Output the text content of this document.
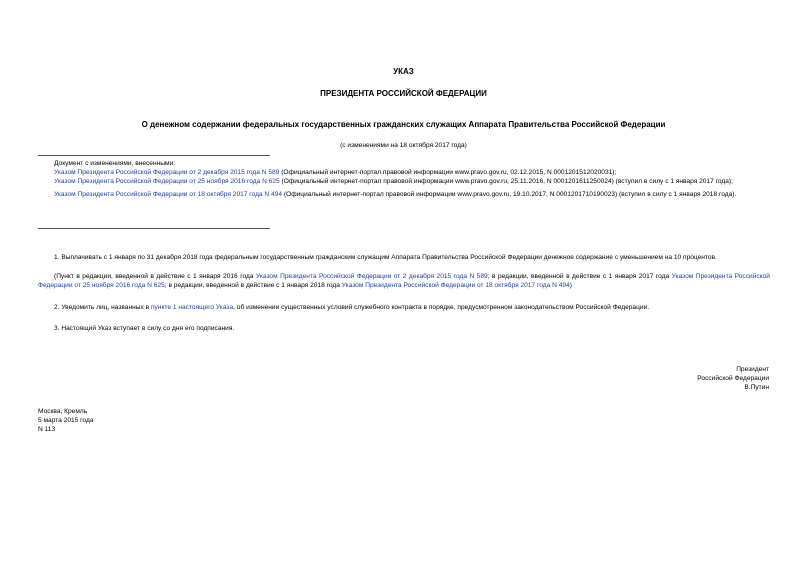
УКАЗ
ПРЕЗИДЕНТА РОССИЙСКОЙ ФЕДЕРАЦИИ
О денежном содержании федеральных государственных гражданских служащих Аппарата Правительства Российской Федерации
(с изменениями на 18 октября 2017 года)
Документ с изменениями, внесенными:
Указом Президента Российской Федерации от 2 декабря 2015 года N 589 (Официальный интернет-портал правовой информации www.pravo.gov.ru, 02.12.2015, N 0001201512020031);
Указом Президента Российской Федерации от 25 ноября 2016 года N 625 (Официальный интернет-портал правовой информации www.pravo.gov.ru, 25.11.2016, N 0001201611250024) (вступил в силу с 1 января 2017 года);
Указом Президента Российской Федерации от 18 октября 2017 года N 494 (Официальный интернет-портал правовой информации www.pravo.gov.ru, 19.10.2017, N 0001201710190023) (вступил в силу с 1 января 2018 года).
1. Выплачивать с 1 января по 31 декабря 2018 года федеральным государственным гражданским служащим Аппарата Правительства Российской Федерации денежное содержание с уменьшением на 10 процентов.
(Пункт в редакции, введенной в действие с 1 января 2016 года Указом Президента Российской Федерации от 2 декабря 2015 года N 589; в редакции, введенной в действие с 1 января 2017 года Указом Президента Российской Федерации от 25 ноября 2016 года N 625; в редакции, введенной в действие с 1 января 2018 года Указом Президента Российской Федерации от 18 октября 2017 года N 494)
2. Уведомить лиц, названных в пункте 1 настоящего Указа, об изменении существенных условий служебного контракта в порядке, предусмотренном законодательством Российской Федерации.
3. Настоящий Указ вступает в силу со дня его подписания.
Президент
Российской Федерации
В.Путин
Москва, Кремль
5 марта 2015 года
N 113
